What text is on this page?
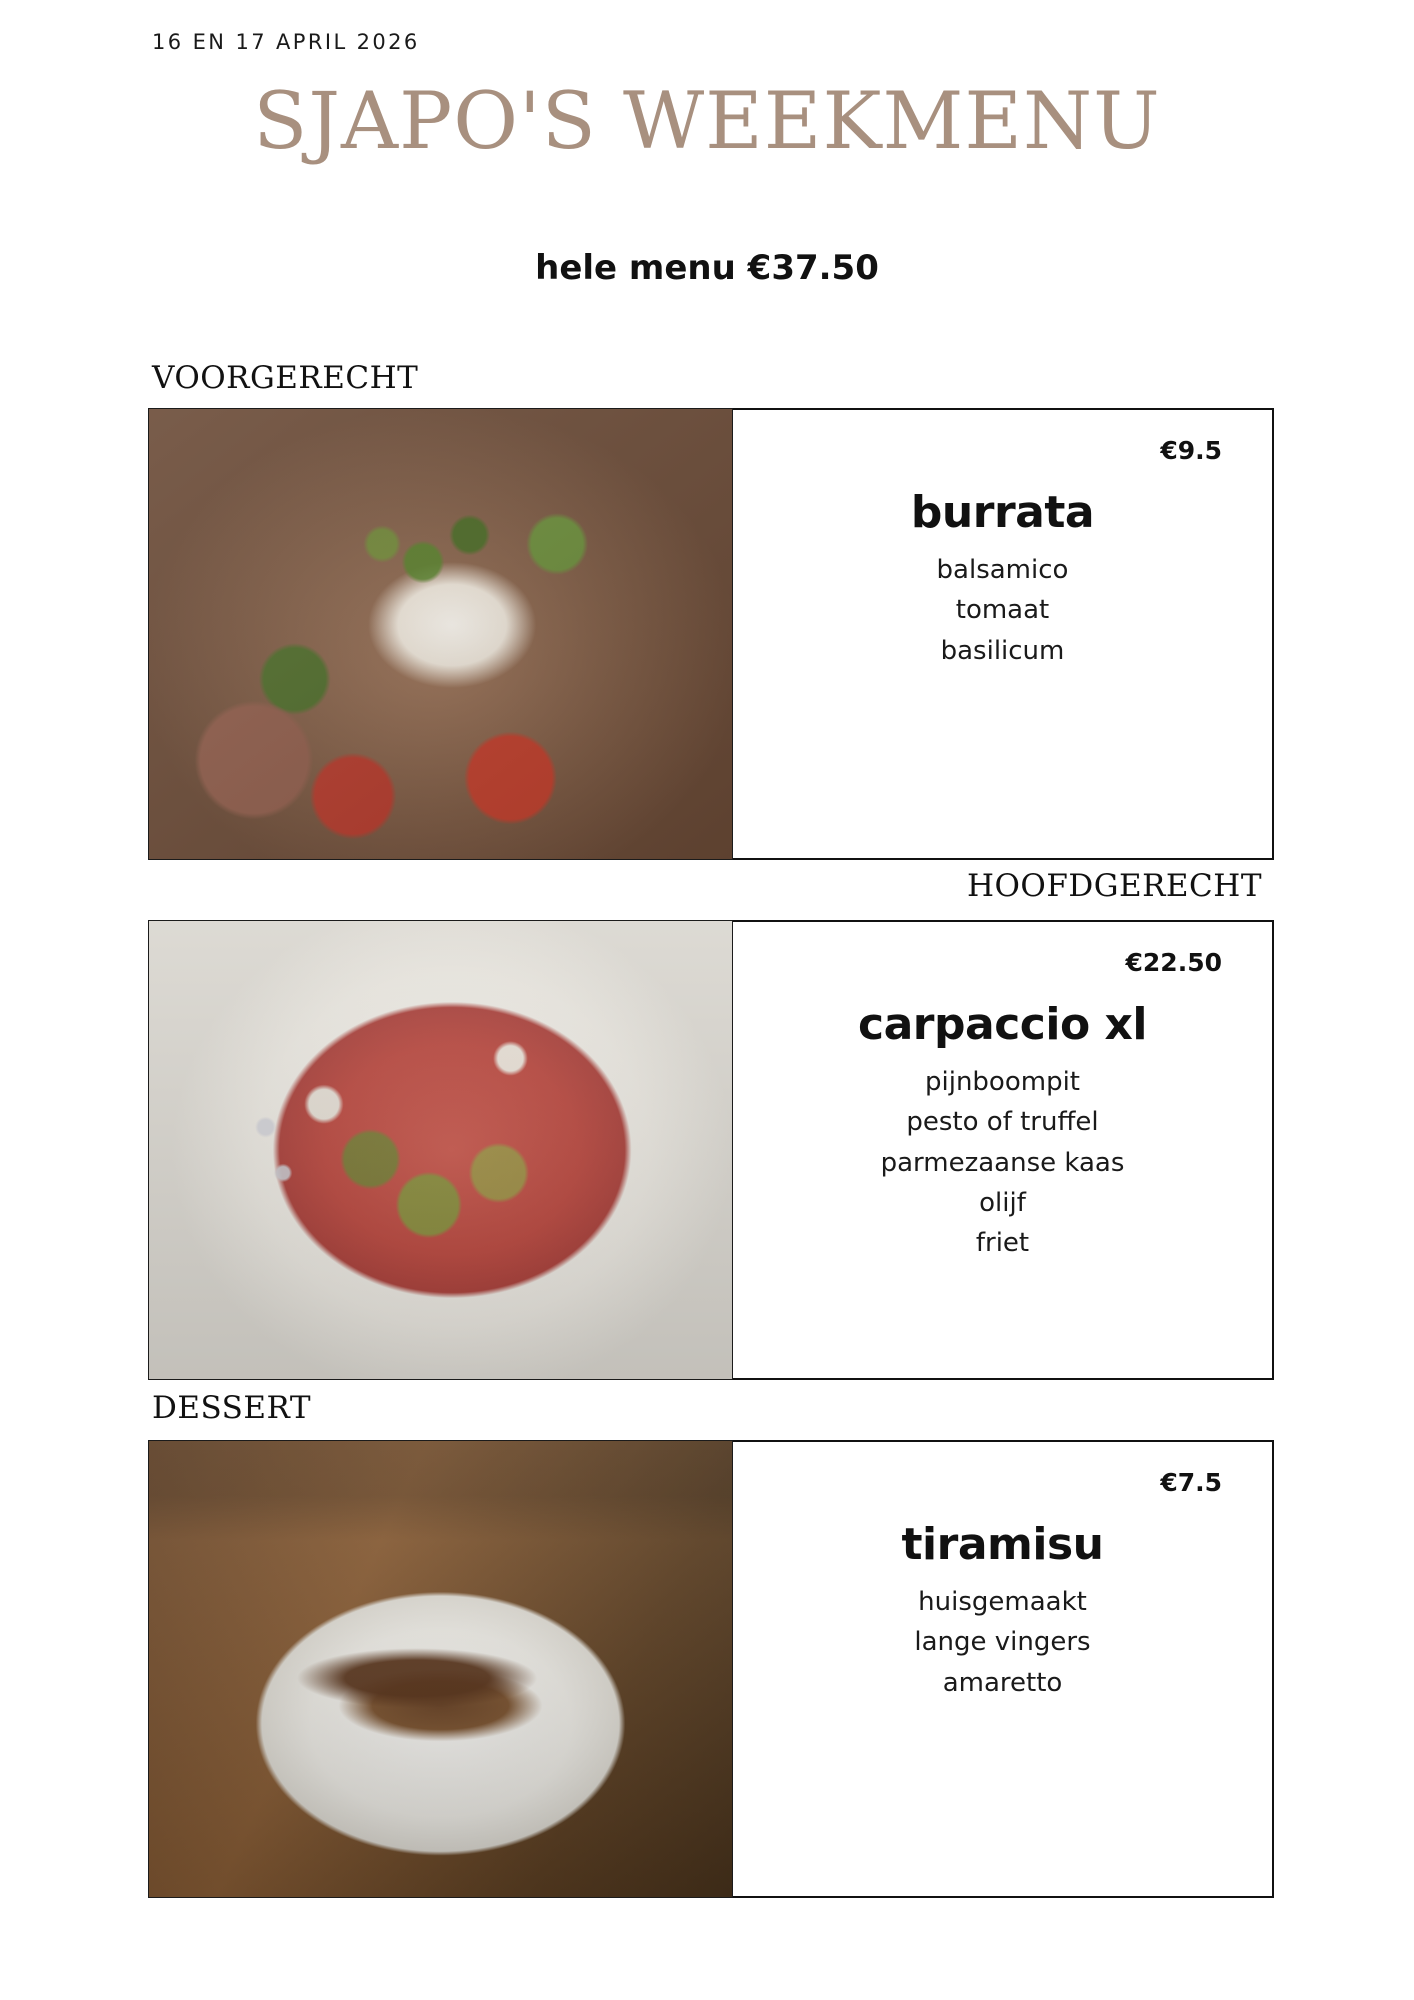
16 EN 17 APRIL 2026
SJAPO'S WEEKMENU
hele menu €37.50
VOORGERECHT
€9.5
burrata
balsamico
tomaat
basilicum
HOOFDGERECHT
€22.50
carpaccio xl
pijnboompit
pesto of truffel
parmezaanse kaas
olijf
friet
DESSERT
€7.5
tiramisu
huisgemaakt
lange vingers
amaretto
